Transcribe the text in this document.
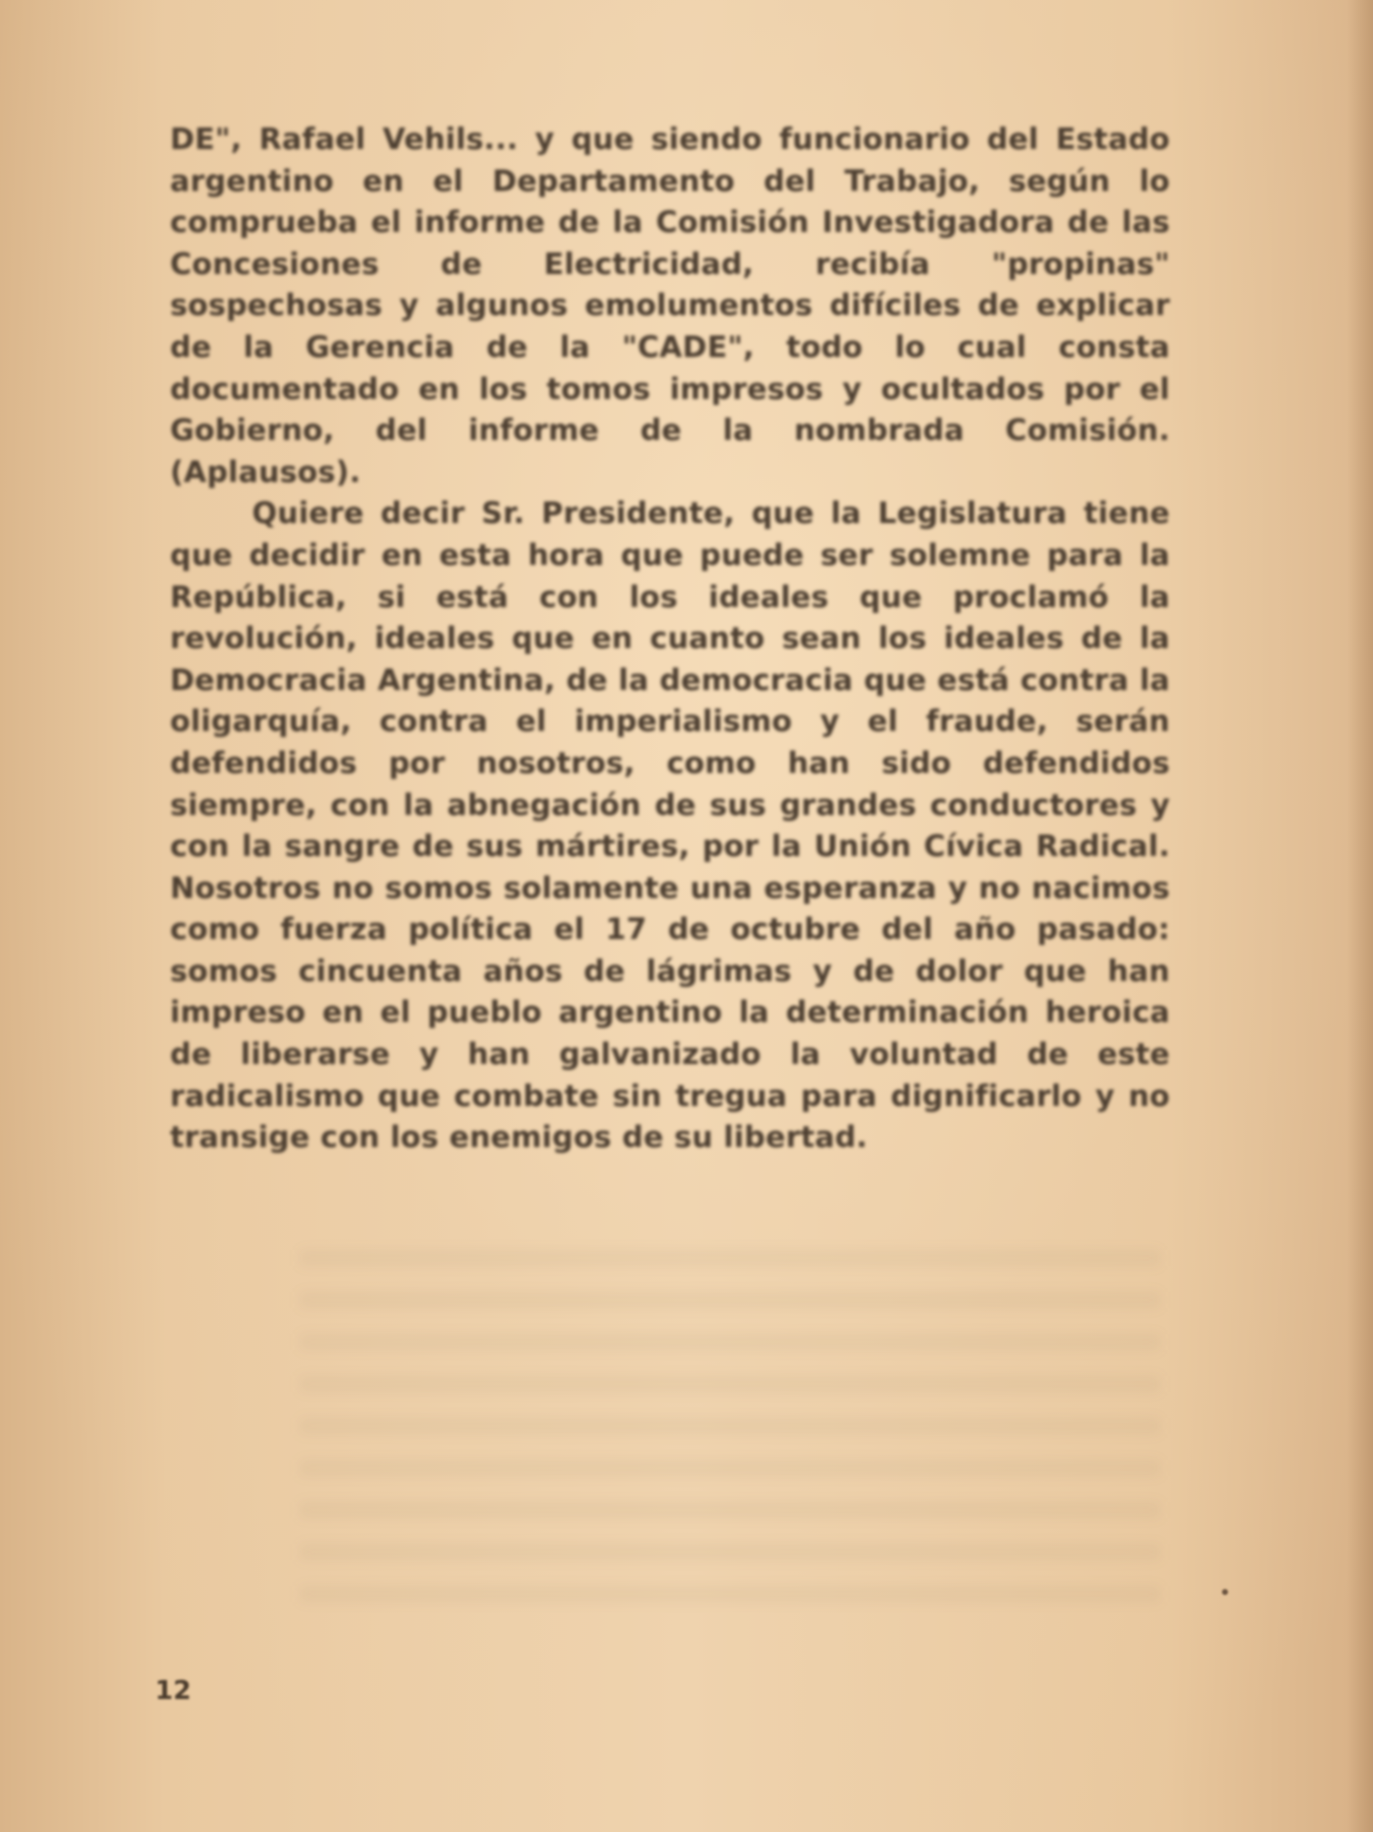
DE", Rafael Vehils... y que siendo funcionario del Estado argentino en el Departamento del Trabajo, según lo comprueba el informe de la Comisión Investigadora de las Concesiones de Electricidad, recibía "propinas" sospechosas y algunos emolumentos difíciles de explicar de la Gerencia de la "CADE", todo lo cual consta documentado en los tomos impresos y ocultados por el Gobierno, del informe de la nombrada Comisión. (Aplausos).

Quiere decir Sr. Presidente, que la Legislatura tiene que decidir en esta hora que puede ser solemne para la República, si está con los ideales que proclamó la revolución, ideales que en cuanto sean los ideales de la Democracia Argentina, de la democracia que está contra la oligarquía, contra el imperialismo y el fraude, serán defendidos por nosotros, como han sido defendidos siempre, con la abnegación de sus grandes conductores y con la sangre de sus mártires, por la Unión Cívica Radical. Nosotros no somos solamente una esperanza y no nacimos como fuerza política el 17 de octubre del año pasado: somos cincuenta años de lágrimas y de dolor que han impreso en el pueblo argentino la determinación heroica de liberarse y han galvanizado la voluntad de este radicalismo que combate sin tregua para dignificarlo y no transige con los enemigos de su libertad.

12
